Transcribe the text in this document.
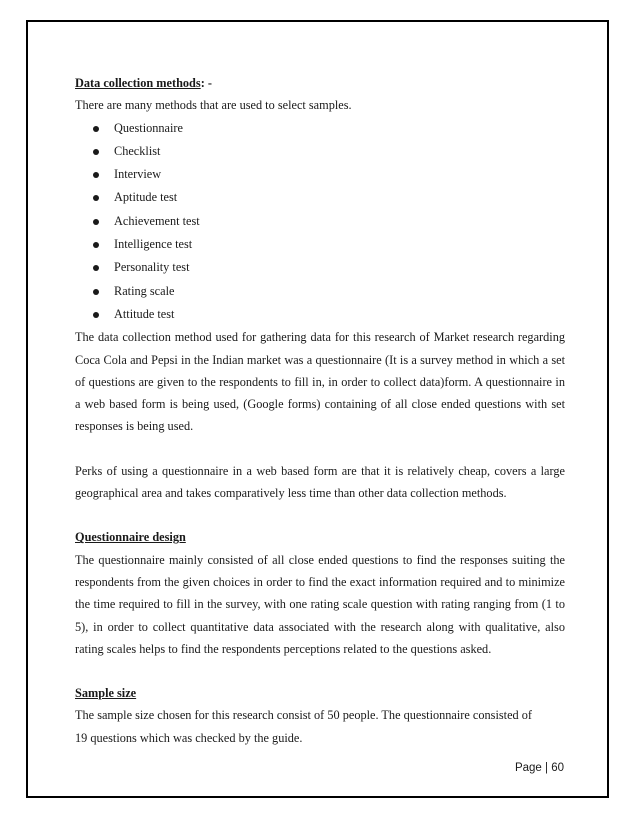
Data collection methods: -

There are many methods that are used to select samples.

Questionnaire
Checklist
Interview
Aptitude test
Achievement test
Intelligence test
Personality test
Rating scale
Attitude test

The data collection method used for gathering data for this research of Market research regarding Coca Cola and Pepsi in the Indian market was a questionnaire (It is a survey method in which a set of questions are given to the respondents to fill in, in order to collect data)form. A questionnaire in a web based form is being used, (Google forms) containing of all close ended questions with set responses is being used.

Perks of using a questionnaire in a web based form are that it is relatively cheap, covers a large geographical area and takes comparatively less time than other data collection methods.

Questionnaire design

The questionnaire mainly consisted of all close ended questions to find the responses suiting the respondents from the given choices in order to find the exact information required and to minimize the time required to fill in the survey, with one rating scale question with rating ranging from (1 to 5), in order to collect quantitative data associated with the research along with qualitative, also rating scales helps to find the respondents perceptions related to the questions asked.

Sample size

The sample size chosen for this research consist of 50 people. The questionnaire consisted of

19 questions which was checked by the guide.

Page | 60
